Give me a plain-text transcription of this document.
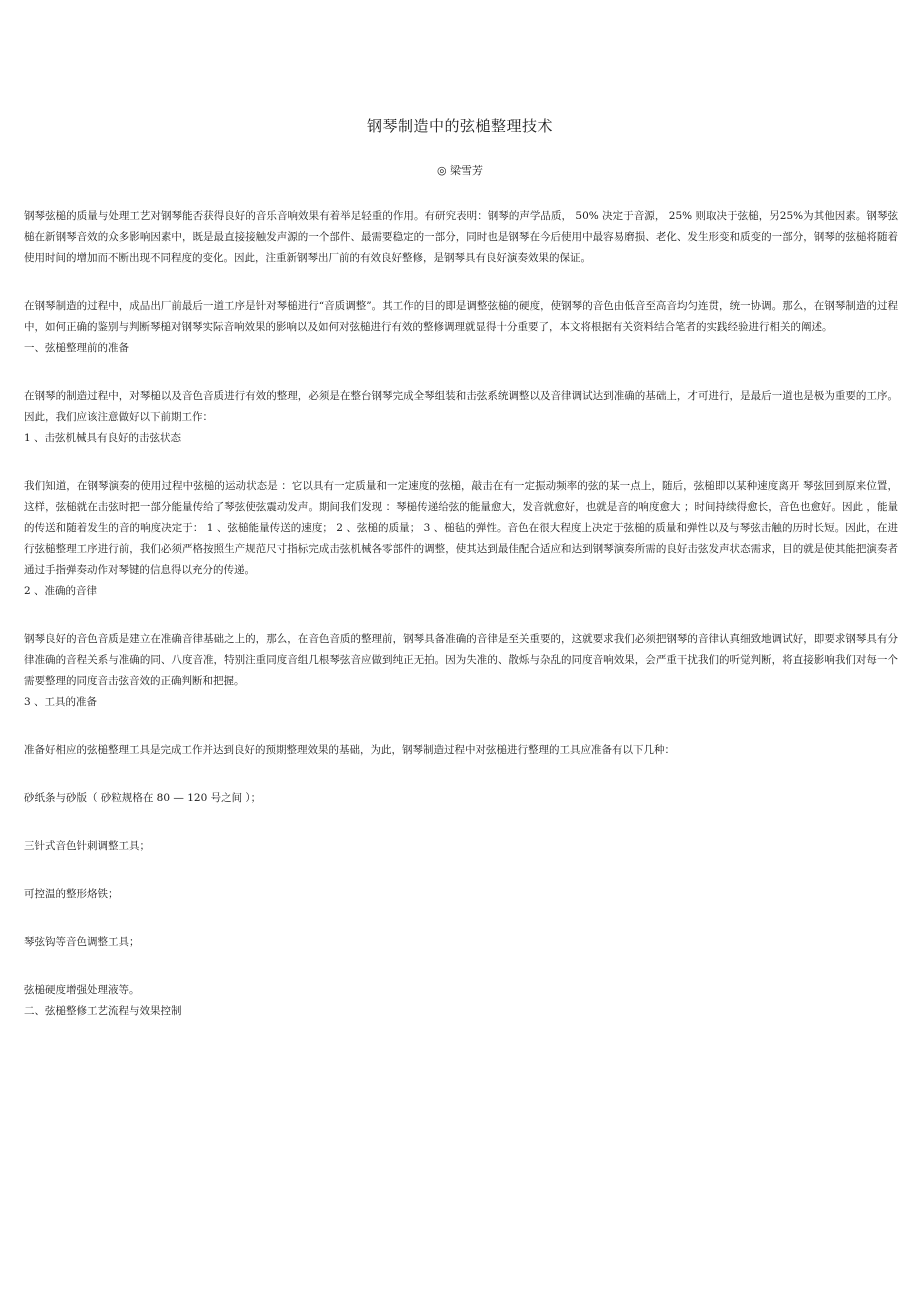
钢琴制造中的弦槌整理技术
◎ 梁雪芳

钢琴弦槌的质量与处理工艺对钢琴能否获得良好的音乐音响效果有着举足轻重的作用。有研究表明：钢琴的声学品质， 50% 决定于音源， 25% 则取决于弦槌，另25%为其他因素。钢琴弦槌在新钢琴音效的众多影响因素中，既是最直接接触发声源的一个部件、最需要稳定的一部分，同时也是钢琴在今后使用中最容易磨损、老化、发生形变和质变的一部分，钢琴的弦槌将随着使用时间的增加而不断出现不同程度的变化。因此，注重新钢琴出厂前的有效良好整修，是钢琴具有良好演奏效果的保证。

在钢琴制造的过程中，成品出厂前最后一道工序是针对琴槌进行“音质调整”。其工作的目的即是调整弦槌的硬度，使钢琴的音色由低音至高音均匀连贯，统一协调。那么，在钢琴制造的过程中，如何正确的鉴别与判断琴槌对钢琴实际音响效果的影响以及如何对弦槌进行有效的整修调理就显得十分重要了，本文将根据有关资料结合笔者的实践经验进行相关的阐述。

一、弦槌整理前的准备

在钢琴的制造过程中，对琴槌以及音色音质进行有效的整理，必须是在整台钢琴完成全琴组装和击弦系统调整以及音律调试达到准确的基础上，才可进行，是最后一道也是极为重要的工序。因此，我们应该注意做好以下前期工作：

1 、击弦机械具有良好的击弦状态

我们知道，在钢琴演奏的使用过程中弦槌的运动状态是 ：它以具有一定质量和一定速度的弦槌，敲击在有一定振动频率的弦的某一点上，随后，弦槌即以某种速度离开 琴弦回到原来位置，这样，弦槌就在击弦时把一部分能量传给了琴弦使弦震动发声。期间我们发现 ：琴槌传递给弦的能量愈大，发音就愈好，也就是音的响度愈大 ；时间持续得愈长，音色也愈好。因此 ，能量的传送和随着发生的音的响度决定于： 1 、弦槌能量传送的速度； 2 、弦槌的质量； 3 、槌毡的弹性。音色在很大程度上决定于弦槌的质量和弹性以及与琴弦击触的历时长短。因此，在进行弦槌整理工序进行前，我们必须严格按照生产规范尺寸指标完成击弦机械各零部件的调整，使其达到最佳配合适应和达到钢琴演奏所需的良好击弦发声状态需求，目的就是使其能把演奏者通过手指弹奏动作对琴键的信息得以充分的传递。

2 、准确的音律

钢琴良好的音色音质是建立在准确音律基础之上的，那么，在音色音质的整理前，钢琴具备准确的音律是至关重要的，这就要求我们必须把钢琴的音律认真细致地调试好，即要求钢琴具有分律准确的音程关系与准确的同、八度音准，特别注重同度音组几根琴弦音应做到纯正无拍。因为失准的、散烁与杂乱的同度音响效果，会严重干扰我们的听觉判断，将直接影响我们对每一个需要整理的同度音击弦音效的正确判断和把握。

3 、工具的准备

准备好相应的弦槌整理工具是完成工作并达到良好的预期整理效果的基础，为此，钢琴制造过程中对弦槌进行整理的工具应准备有以下几种：

砂纸条与砂版（ 砂粒规格在 80 — 120 号之间 ）；

三针式音色针刺调整工具；

可控温的整形烙铁；

琴弦钩等音色调整工具；

弦槌硬度增强处理液等。

二、弦槌整修工艺流程与效果控制
